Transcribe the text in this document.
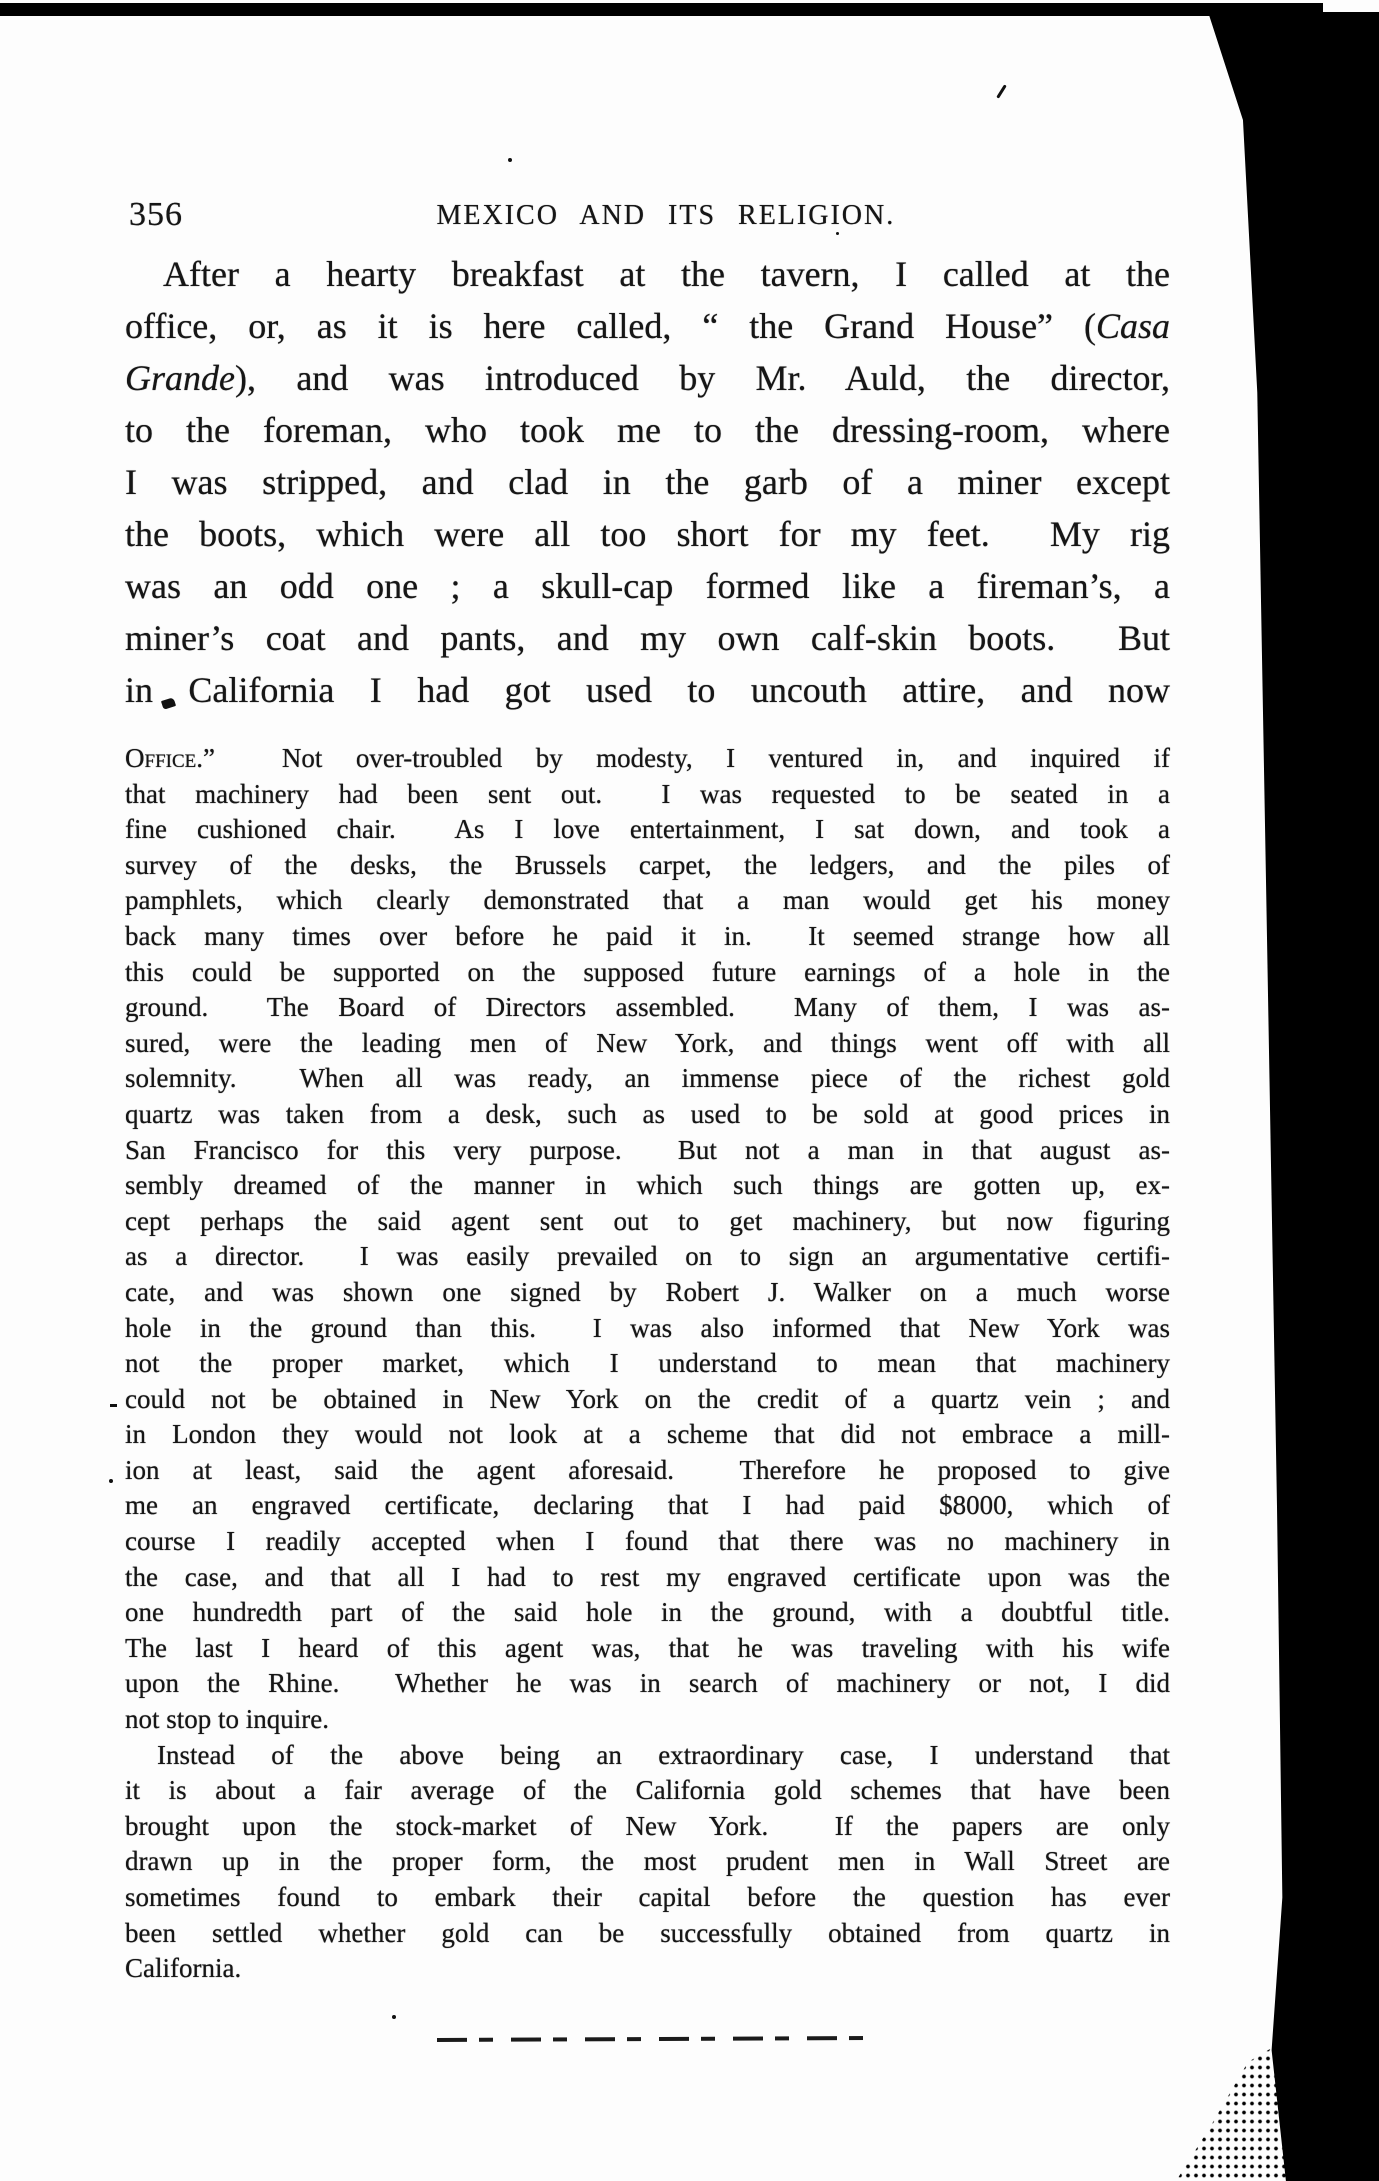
356	MEXICO AND ITS RELIGION.
After a hearty breakfast at the tavern, I called at the
office, or, as it is here called, “ the Grand House” (Casa
Grande), and was introduced by Mr. Auld, the director,
to the foreman, who took me to the dressing-room, where
I was stripped, and clad in the garb of a miner except
the boots, which were all too short for my feet.  My rig
was an odd one ; a skull-cap formed like a fireman’s, a
miner’s coat and pants, and my own calf-skin boots.  But
in California I had got used to uncouth attire, and now
Office.”  Not over-troubled by modesty, I ventured in, and inquired if
that machinery had been sent out.  I was requested to be seated in a
fine cushioned chair.  As I love entertainment, I sat down, and took a
survey of the desks, the Brussels carpet, the ledgers, and the piles of
pamphlets, which clearly demonstrated that a man would get his money
back many times over before he paid it in.  It seemed strange how all
this could be supported on the supposed future earnings of a hole in the
ground.  The Board of Directors assembled.  Many of them, I was as-
sured, were the leading men of New York, and things went off with all
solemnity.  When all was ready, an immense piece of the richest gold
quartz was taken from a desk, such as used to be sold at good prices in
San Francisco for this very purpose.  But not a man in that august as-
sembly dreamed of the manner in which such things are gotten up, ex-
cept perhaps the said agent sent out to get machinery, but now figuring
as a director.  I was easily prevailed on to sign an argumentative certifi-
cate, and was shown one signed by Robert J. Walker on a much worse
hole in the ground than this.  I was also informed that New York was
not the proper market, which I understand to mean that machinery
could not be obtained in New York on the credit of a quartz vein ; and
in London they would not look at a scheme that did not embrace a mill-
ion at least, said the agent aforesaid.  Therefore he proposed to give
me an engraved certificate, declaring that I had paid $8000, which of
course I readily accepted when I found that there was no machinery in
the case, and that all I had to rest my engraved certificate upon was the
one hundredth part of the said hole in the ground, with a doubtful title.
The last I heard of this agent was, that he was traveling with his wife
upon the Rhine.  Whether he was in search of machinery or not, I did
not stop to inquire.
Instead of the above being an extraordinary case, I understand that
it is about a fair average of the California gold schemes that have been
brought upon the stock-market of New York.  If the papers are only
drawn up in the proper form, the most prudent men in Wall Street are
sometimes found to embark their capital before the question has ever
been settled whether gold can be successfully obtained from quartz in
California.
